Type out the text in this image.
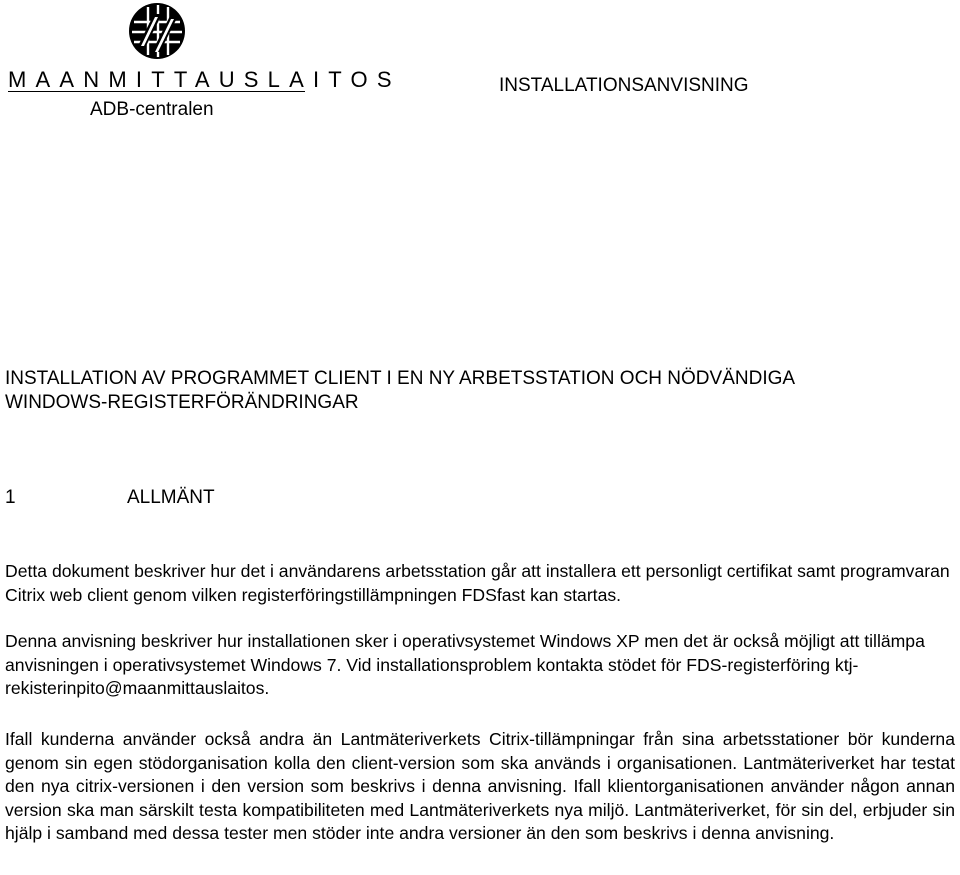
MAANMITTAUSLAITOS
ADB-centralen
INSTALLATIONSANVISNING
INSTALLATION AV PROGRAMMET CLIENT I EN NY ARBETSSTATION OCH NÖDVÄNDIGA
WINDOWS-REGISTERFÖRÄNDRINGAR
1	ALLMÄNT

Detta dokument beskriver hur det i användarens arbetsstation går att installera ett personligt certifikat samt programvaran Citrix web client genom vilken registerföringstillämpningen FDSfast kan startas.

Denna anvisning beskriver hur installationen sker i operativsystemet Windows XP men det är också möjligt att tillämpa anvisningen i operativsystemet Windows 7. Vid installationsproblem kontakta stödet för FDS-registerföring ktj-rekisterinpito@maanmittauslaitos.

Ifall kunderna använder också andra än Lantmäteriverkets Citrix-tillämpningar från sina arbetsstationer bör kunderna genom sin egen stödorganisation kolla den client-version som ska används i organisationen. Lantmäteriverket har testat den nya citrix-versionen i den version som beskrivs i denna anvisning. Ifall klientorganisationen använder någon annan version ska man särskilt testa kompatibiliteten med Lantmäteriverkets nya miljö. Lantmäteriverket, för sin del, erbjuder sin hjälp i samband med dessa tester men stöder inte andra versioner än den som beskrivs i denna anvisning.
